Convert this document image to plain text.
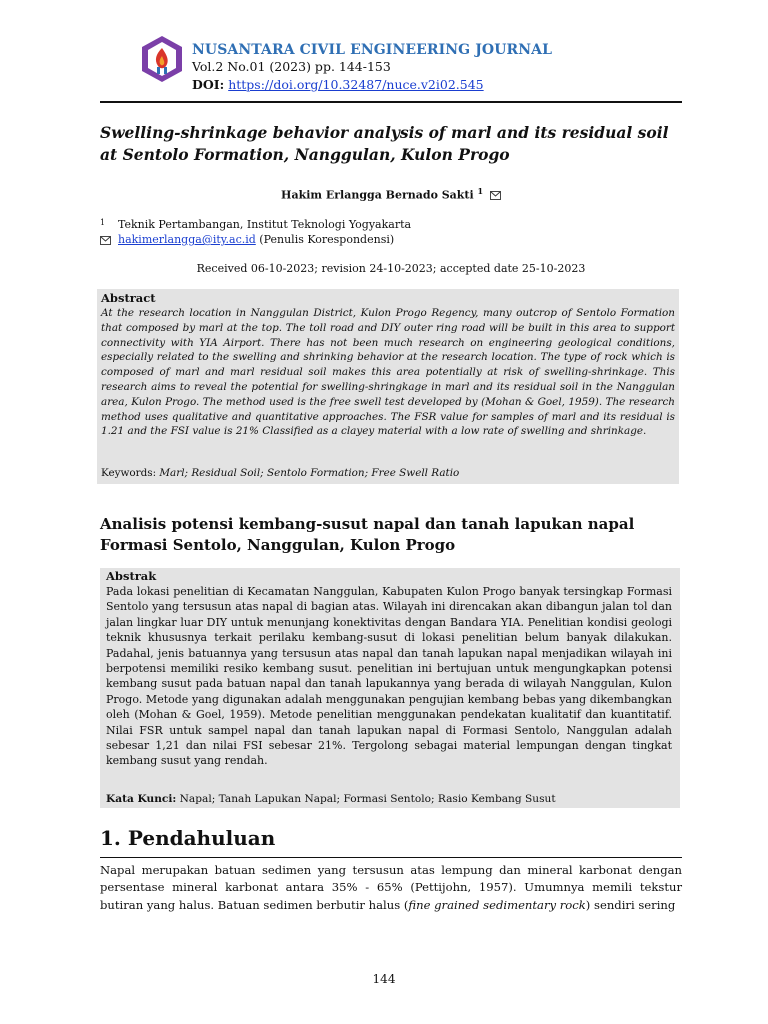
NUSANTARA CIVIL ENGINEERING JOURNAL
Vol.2 No.01 (2023) pp. 144-153
DOI: https://doi.org/10.32487/nuce.v2i02.545
Swelling-shrinkage behavior analysis of marl and its residual soil at Sentolo Formation, Nanggulan, Kulon Progo
Hakim Erlangga Bernado Sakti $^1$
1 Teknik Pertambangan, Institut Teknologi Yogyakarta
hakimerlangga@ity.ac.id (Penulis Korespondensi)
Received 06-10-2023; revision 24-10-2023; accepted date 25-10-2023
Abstract
At the research location in Nanggulan District, Kulon Progo Regency, many outcrop of Sentolo Formation that composed by marl at the top. The toll road and DIY outer ring road will be built in this area to support connectivity with YIA Airport. There has not been much research on engineering geological conditions, especially related to the swelling and shrinking behavior at the research location. The type of rock which is composed of marl and marl residual soil makes this area potentially at risk of swelling-shrinkage. This research aims to reveal the potential for swelling-shringkage in marl and its residual soil in the Nanggulan area, Kulon Progo. The method used is the free swell test developed by (Mohan & Goel, 1959). The research method uses qualitative and quantitative approaches. The FSR value for samples of marl and its residual is 1.21 and the FSI value is 21% Classified as a clayey material with a low rate of swelling and shrinkage.
Keywords: Marl; Residual Soil; Sentolo Formation; Free Swell Ratio
Analisis potensi kembang-susut napal dan tanah lapukan napal Formasi Sentolo, Nanggulan, Kulon Progo
Abstrak
Pada lokasi penelitian di Kecamatan Nanggulan, Kabupaten Kulon Progo banyak tersingkap Formasi Sentolo yang tersusun atas napal di bagian atas. Wilayah ini direncakan akan dibangun jalan tol dan jalan lingkar luar DIY untuk menunjang konektivitas dengan Bandara YIA. Penelitian kondisi geologi teknik khususnya terkait perilaku kembang-susut di lokasi penelitian belum banyak dilakukan. Padahal, jenis batuannya yang tersusun atas napal dan tanah lapukan napal menjadikan wilayah ini berpotensi memiliki resiko kembang susut. penelitian ini bertujuan untuk mengungkapkan potensi kembang susut pada batuan napal dan tanah lapukannya yang berada di wilayah Nanggulan, Kulon Progo. Metode yang digunakan adalah menggunakan pengujian kembang bebas yang dikembangkan oleh (Mohan & Goel, 1959). Metode penelitian menggunakan pendekatan kualitatif dan kuantitatif. Nilai FSR untuk sampel napal dan tanah lapukan napal di Formasi Sentolo, Nanggulan adalah sebesar 1,21 dan nilai FSI sebesar 21%. Tergolong sebagai material lempungan dengan tingkat kembang susut yang rendah.
Kata Kunci: Napal; Tanah Lapukan Napal; Formasi Sentolo; Rasio Kembang Susut
1. Pendahuluan
Napal merupakan batuan sedimen yang tersusun atas lempung dan mineral karbonat dengan persentase mineral karbonat antara 35% - 65% (Pettijohn, 1957). Umumnya memili tekstur butiran yang halus. Batuan sedimen berbutir halus (fine grained sedimentary rock) sendiri sering
144
